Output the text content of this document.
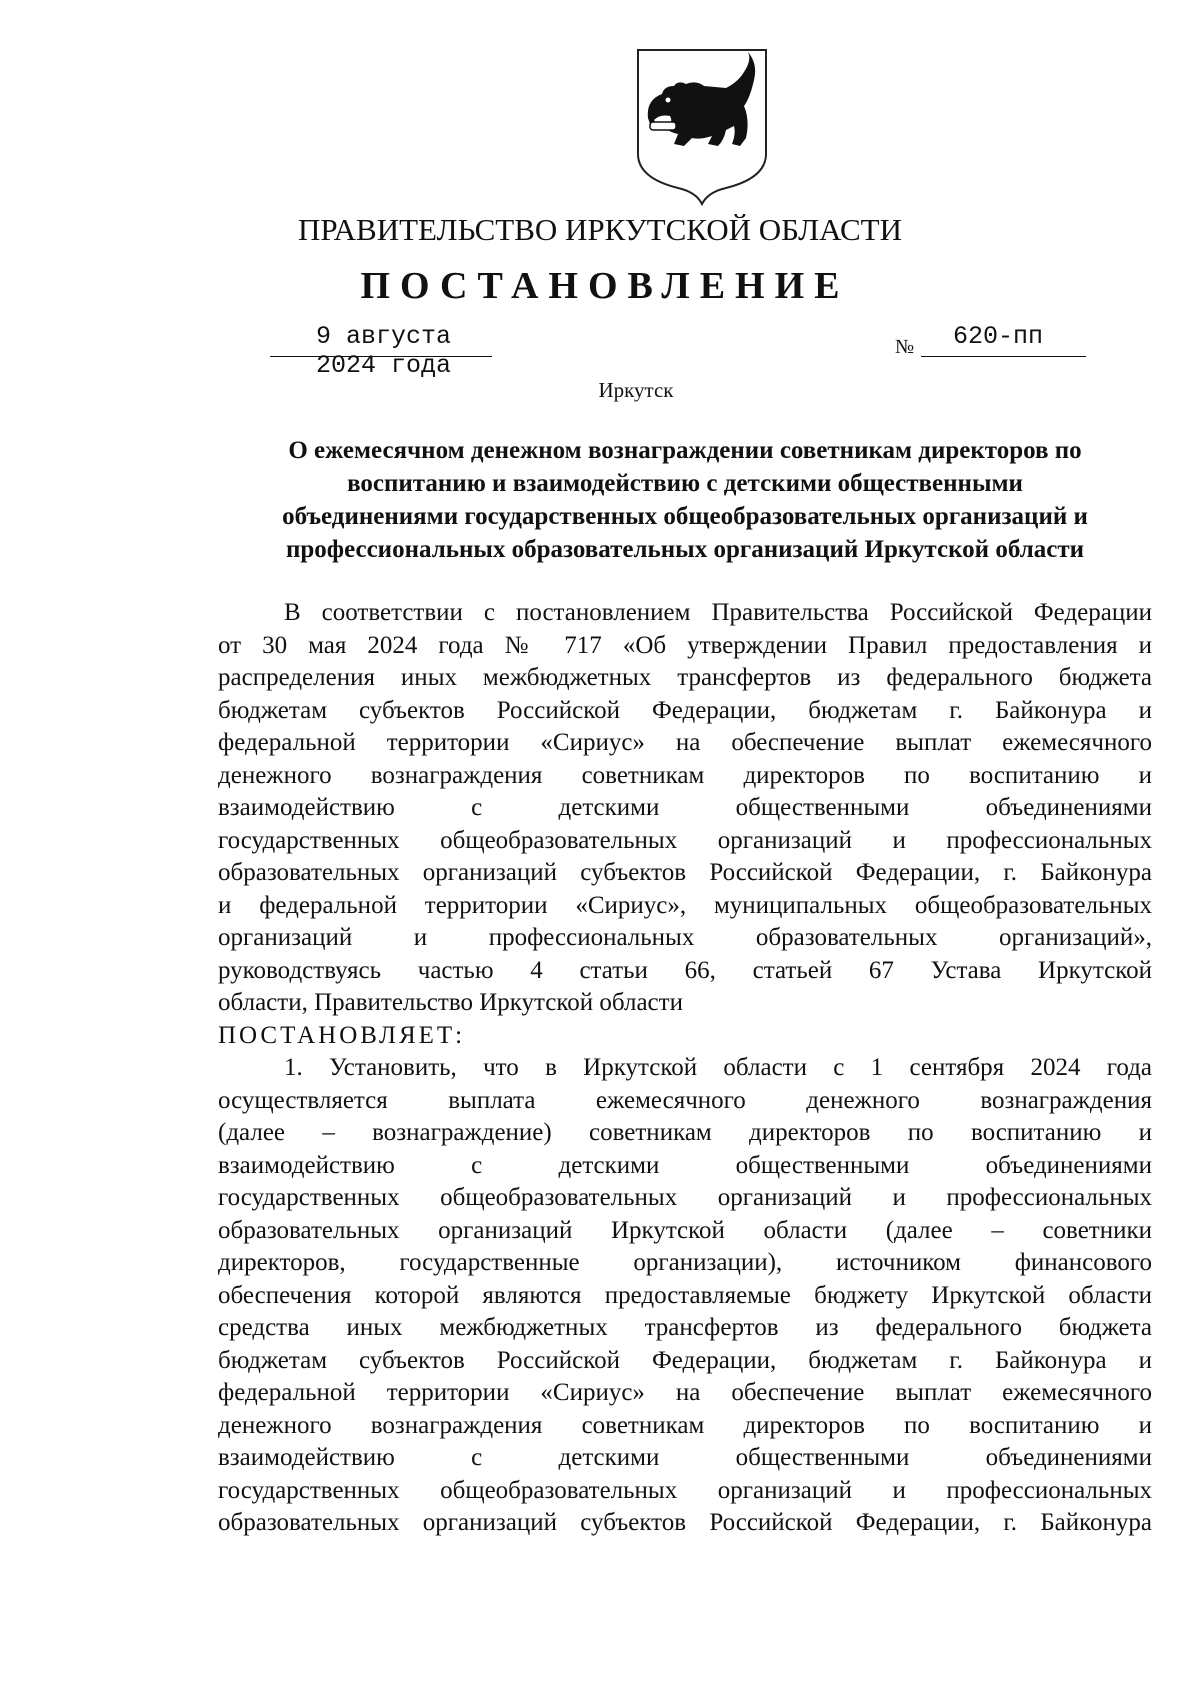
ПРАВИТЕЛЬСТВО ИРКУТСКОЙ ОБЛАСТИ
ПОСТАНОВЛЕНИЕ
9 августа 2024 года
№ 620-пп
Иркутск
О ежемесячном денежном вознаграждении советникам директоров по
воспитанию и взаимодействию с детскими общественными
объединениями государственных общеобразовательных организаций и
профессиональных образовательных организаций Иркутской области
В соответствии с постановлением Правительства Российской Федерации
от 30 мая 2024 года № 717 «Об утверждении Правил предоставления и
распределения иных межбюджетных трансфертов из федерального бюджета
бюджетам субъектов Российской Федерации, бюджетам г. Байконура и
федеральной территории «Сириус» на обеспечение выплат ежемесячного
денежного вознаграждения советникам директоров по воспитанию и
взаимодействию с детскими общественными объединениями
государственных общеобразовательных организаций и профессиональных
образовательных организаций субъектов Российской Федерации, г. Байконура
и федеральной территории «Сириус», муниципальных общеобразовательных
организаций и профессиональных образовательных организаций»,
руководствуясь частью 4 статьи 66, статьей 67 Устава Иркутской
области, Правительство Иркутской области

ПОСТАНОВЛЯЕТ:

1. Установить, что в Иркутской области с 1 сентября 2024 года
осуществляется выплата ежемесячного денежного вознаграждения
(далее – вознаграждение) советникам директоров по воспитанию и
взаимодействию с детскими общественными объединениями
государственных общеобразовательных организаций и профессиональных
образовательных организаций Иркутской области (далее – советники
директоров, государственные организации), источником финансового
обеспечения которой являются предоставляемые бюджету Иркутской области
средства иных межбюджетных трансфертов из федерального бюджета
бюджетам субъектов Российской Федерации, бюджетам г. Байконура и
федеральной территории «Сириус» на обеспечение выплат ежемесячного
денежного вознаграждения советникам директоров по воспитанию и
взаимодействию с детскими общественными объединениями
государственных общеобразовательных организаций и профессиональных
образовательных организаций субъектов Российской Федерации, г. Байконура
